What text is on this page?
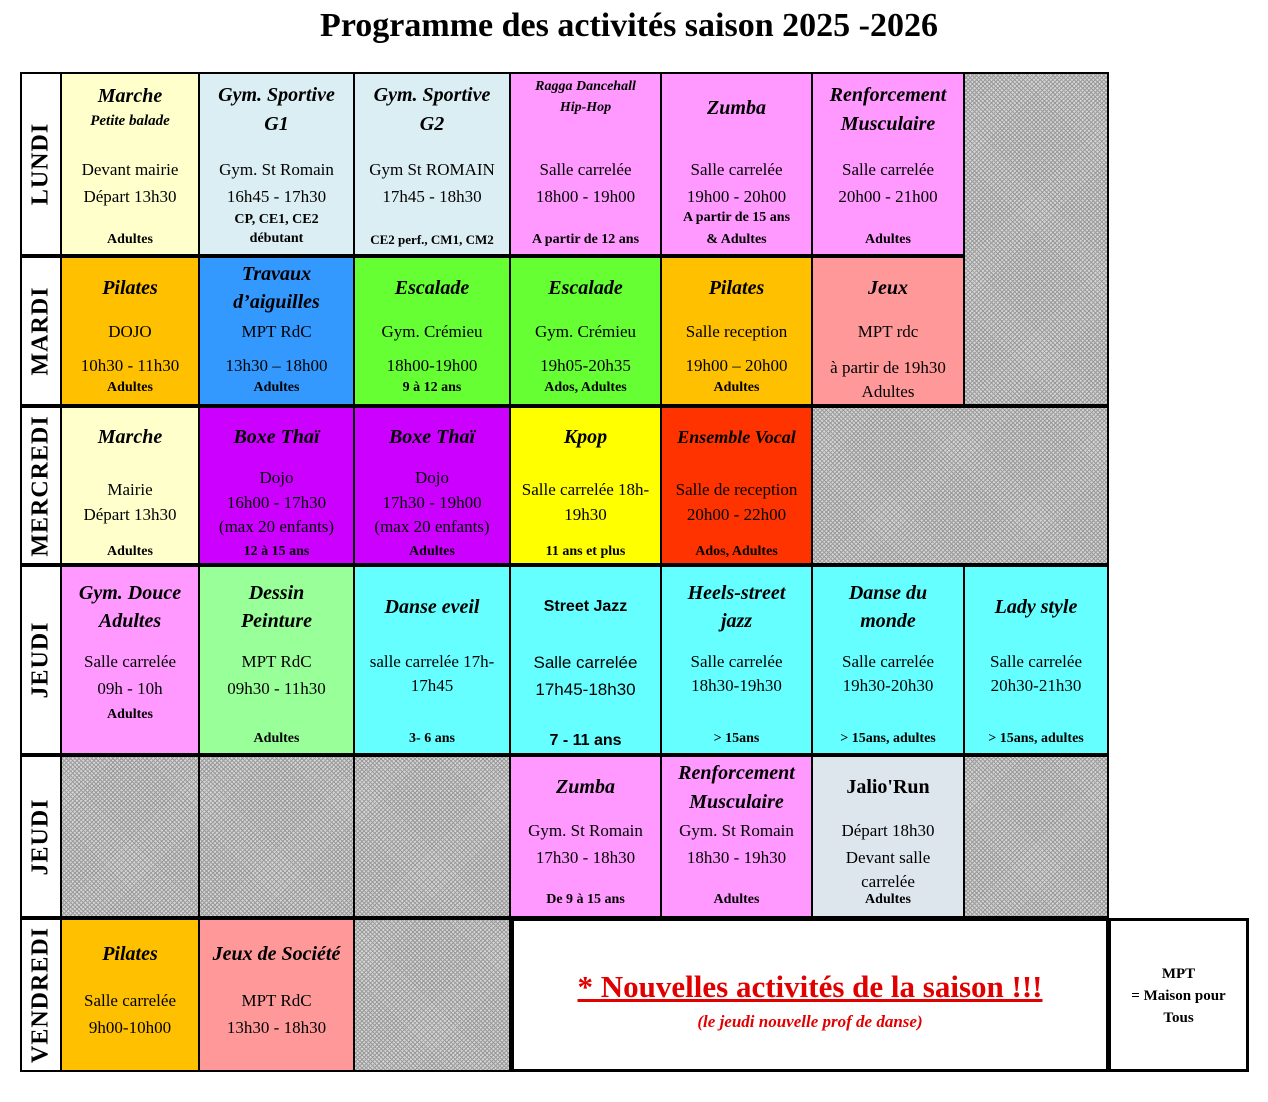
Programme des activités saison 2025 -2026
LUNDI
MARDI
MERCREDI
JEUDI
JEUDI
VENDREDI
Marche
Petite balade
Devant mairie
Départ 13h30
Adultes
Gym. Sportive
G1
Gym. St Romain
16h45 - 17h30
CP, CE1, CE2
débutant
Gym. Sportive
G2
Gym St ROMAIN
17h45 - 18h30
CE2 perf., CM1, CM2
Ragga Dancehall
Hip-Hop
Salle carrelée
18h00 - 19h00
A partir de 12 ans
Zumba
Salle carrelée
19h00 - 20h00
A partir de 15 ans
& Adultes
Renforcement
Musculaire
Salle carrelée
20h00 - 21h00
Adultes
Pilates
DOJO
10h30 - 11h30
Adultes
Travaux
d’aiguilles
MPT RdC
13h30 – 18h00
Adultes
Escalade
Gym. Crémieu
18h00-19h00
9 à 12 ans
Escalade
Gym. Crémieu
19h05-20h35
Ados, Adultes
Pilates
Salle reception
19h00 – 20h00
Adultes
Jeux
MPT rdc
à partir de 19h30
Adultes
Marche
Mairie
Départ 13h30
Adultes
Boxe Thaï
Dojo
16h00 - 17h30
(max 20 enfants)
12 à 15 ans
Boxe Thaï
Dojo
17h30 - 19h00
(max 20 enfants)
Adultes
Kpop
Salle carrelée 18h-
19h30
11 ans et plus
Ensemble Vocal
Salle de reception
20h00 - 22h00
Ados, Adultes
Gym. Douce
Adultes
Salle carrelée
09h - 10h
Adultes
Dessin
Peinture
MPT RdC
09h30 - 11h30
Adultes
Danse eveil
salle carrelée 17h-
17h45
3- 6 ans
Street Jazz
Salle carrelée
17h45-18h30
7 - 11 ans
Heels-street
jazz
Salle carrelée
18h30-19h30
> 15ans
Danse du
monde
Salle carrelée
19h30-20h30
> 15ans, adultes
Lady style
Salle carrelée
20h30-21h30
> 15ans, adultes
Zumba
Gym. St Romain
17h30 - 18h30
De 9 à 15 ans
Renforcement
Musculaire
Gym. St Romain
18h30 - 19h30
Adultes
Jalio'Run
Départ 18h30
Devant salle
carrelée
Adultes
Pilates
Salle carrelée
9h00-10h00
Jeux de Société
MPT RdC
13h30 - 18h30
* Nouvelles activités de la saison !!!
(le jeudi nouvelle prof de danse)
MPT
= Maison pour
Tous
